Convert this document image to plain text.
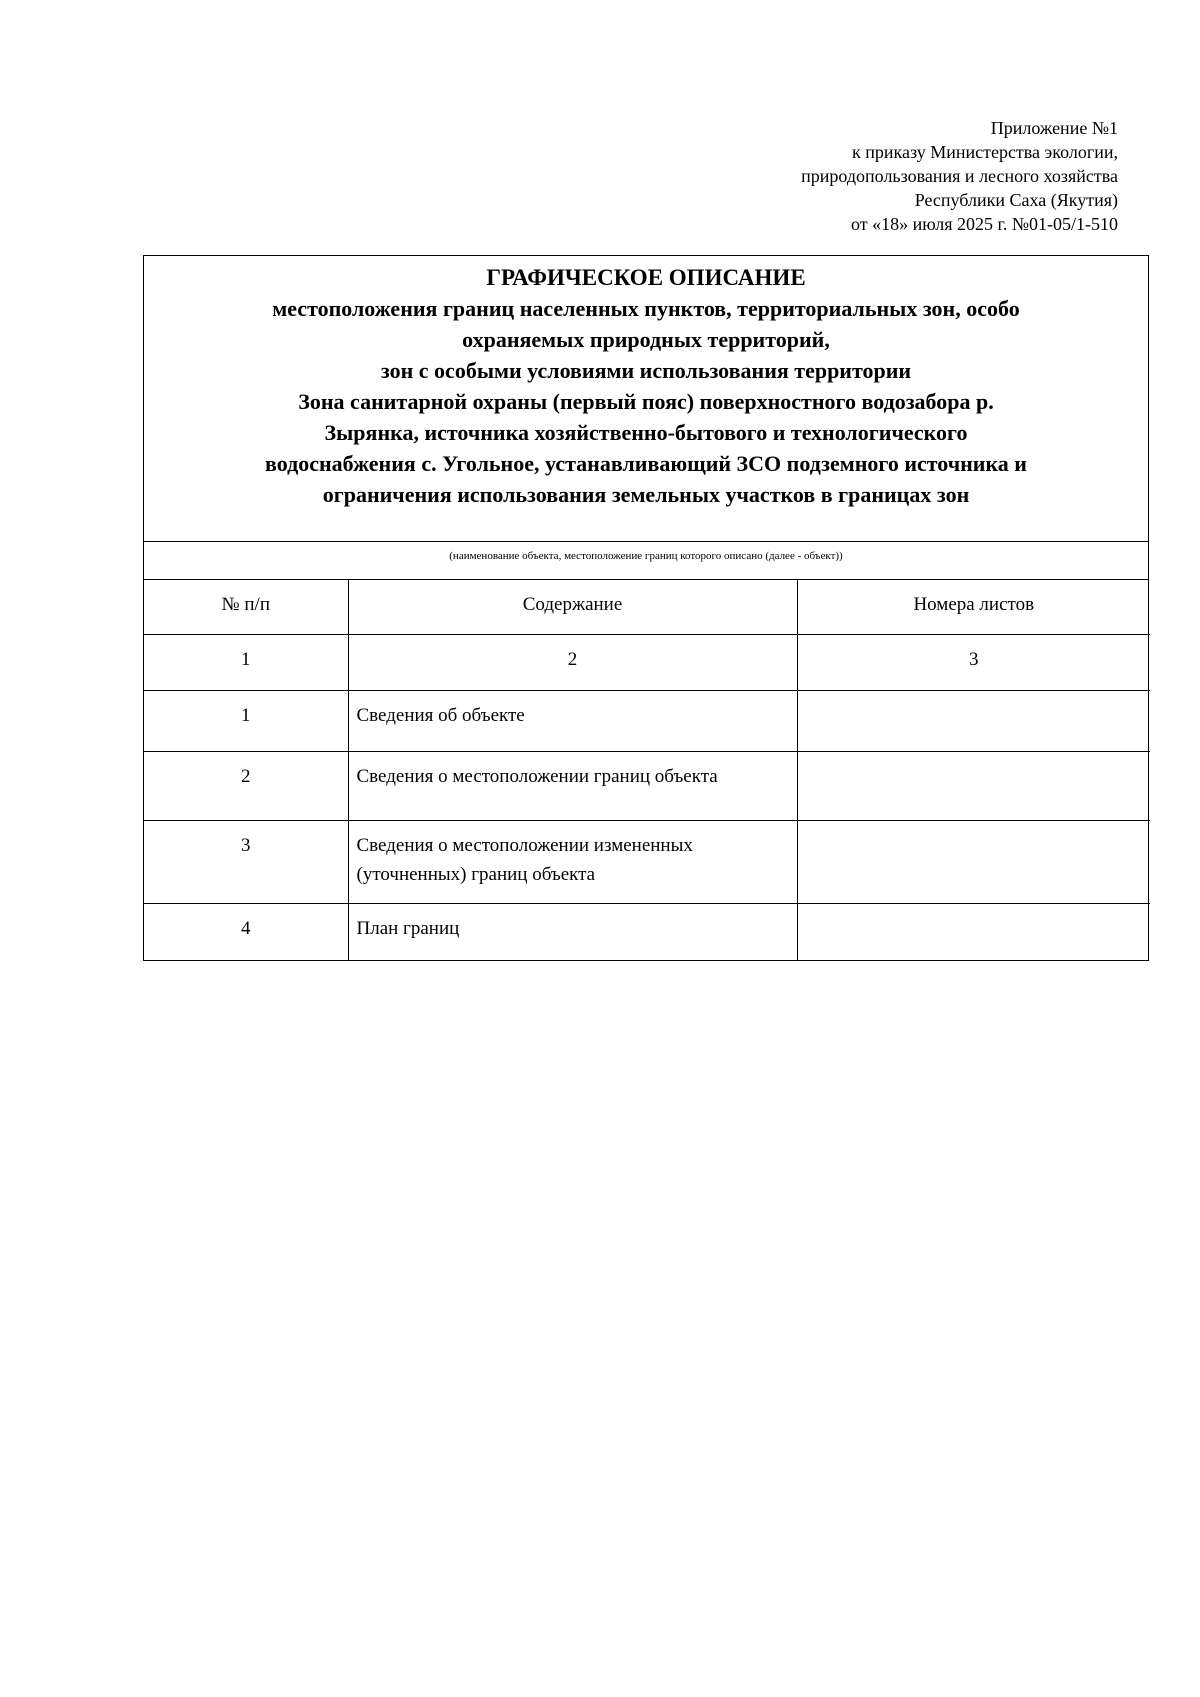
Приложение №1
к приказу Министерства экологии,
природопользования и лесного хозяйства
Республики Саха (Якутия)
от «18» июля 2025 г. №01-05/1-510
ГРАФИЧЕСКОЕ ОПИСАНИЕ
местоположения границ населенных пунктов, территориальных зон, особо
охраняемых природных территорий,
зон с особыми условиями использования территории
Зона санитарной охраны (первый пояс) поверхностного водозабора р.
Зырянка, источника хозяйственно-бытового и технологического
водоснабжения с. Угольное, устанавливающий ЗСО подземного источника и
ограничения использования земельных участков в границах зон
(наименование объекта, местоположение границ которого описано (далее - объект))
№ п/п	Содержание	Номера листов
1	2	3
1	Сведения об объекте	
2	Сведения о местоположении границ объекта	
3	Сведения о местоположении измененных (уточненных) границ объекта	
4	План границ	
